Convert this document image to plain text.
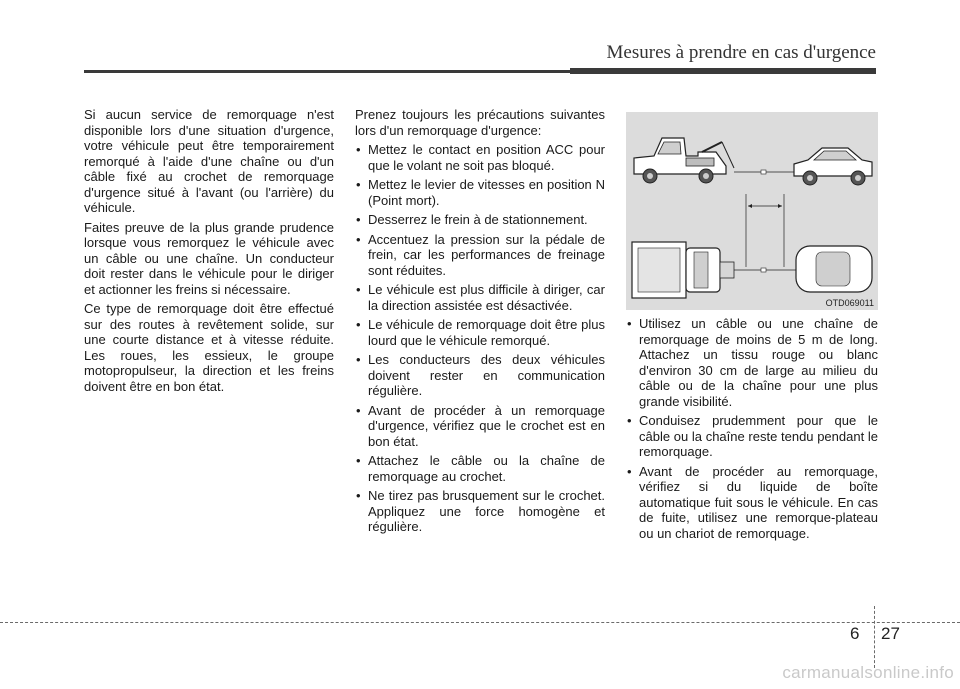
Mesures à prendre en cas d'urgence

Si aucun service de remorquage n'est disponible lors d'une situation d'urgence, votre véhicule peut être temporairement remorqué à l'aide d'une chaîne ou d'un câble fixé au crochet de remorquage d'urgence situé à l'avant (ou l'arrière) du véhicule.

Faites preuve de la plus grande prudence lorsque vous remorquez le véhicule avec un câble ou une chaîne. Un conducteur doit rester dans le véhicule pour le diriger et actionner les freins si nécessaire.

Ce type de remorquage doit être effectué sur des routes à revêtement solide, sur une courte distance et à vitesse réduite. Les roues, les essieux, le groupe motopropulseur, la direction et les freins doivent être en bon état.

Prenez toujours les précautions suivantes lors d'un remorquage d'urgence:

• Mettez le contact en position ACC pour que le volant ne soit pas bloqué.
• Mettez le levier de vitesses en position N (Point mort).
• Desserrez le frein à de stationnement.
• Accentuez la pression sur la pédale de frein, car les performances de freinage sont réduites.
• Le véhicule est plus difficile à diriger, car la direction assistée est désactivée.
• Le véhicule de remorquage doit être plus lourd que le véhicule remorqué.
• Les conducteurs des deux véhicules doivent rester en communication régulière.
• Avant de procéder à un remorquage d'urgence, vérifiez que le crochet est en bon état.
• Attachez le câble ou la chaîne de remorquage au crochet.
• Ne tirez pas brusquement sur le crochet. Appliquez une force homogène et régulière.
OTD069011
• Utilisez un câble ou une chaîne de remorquage de moins de 5 m de long. Attachez un tissu rouge ou blanc d'environ 30 cm de large au milieu du câble ou de la chaîne pour une plus grande visibilité.
• Conduisez prudemment pour que le câble ou la chaîne reste tendu pendant le remorquage.
• Avant de procéder au remorquage, vérifiez si du liquide de boîte automatique fuit sous le véhicule. En cas de fuite, utilisez une remorque-plateau ou un chariot de remorquage.
6 27
carmanualsonline.info
